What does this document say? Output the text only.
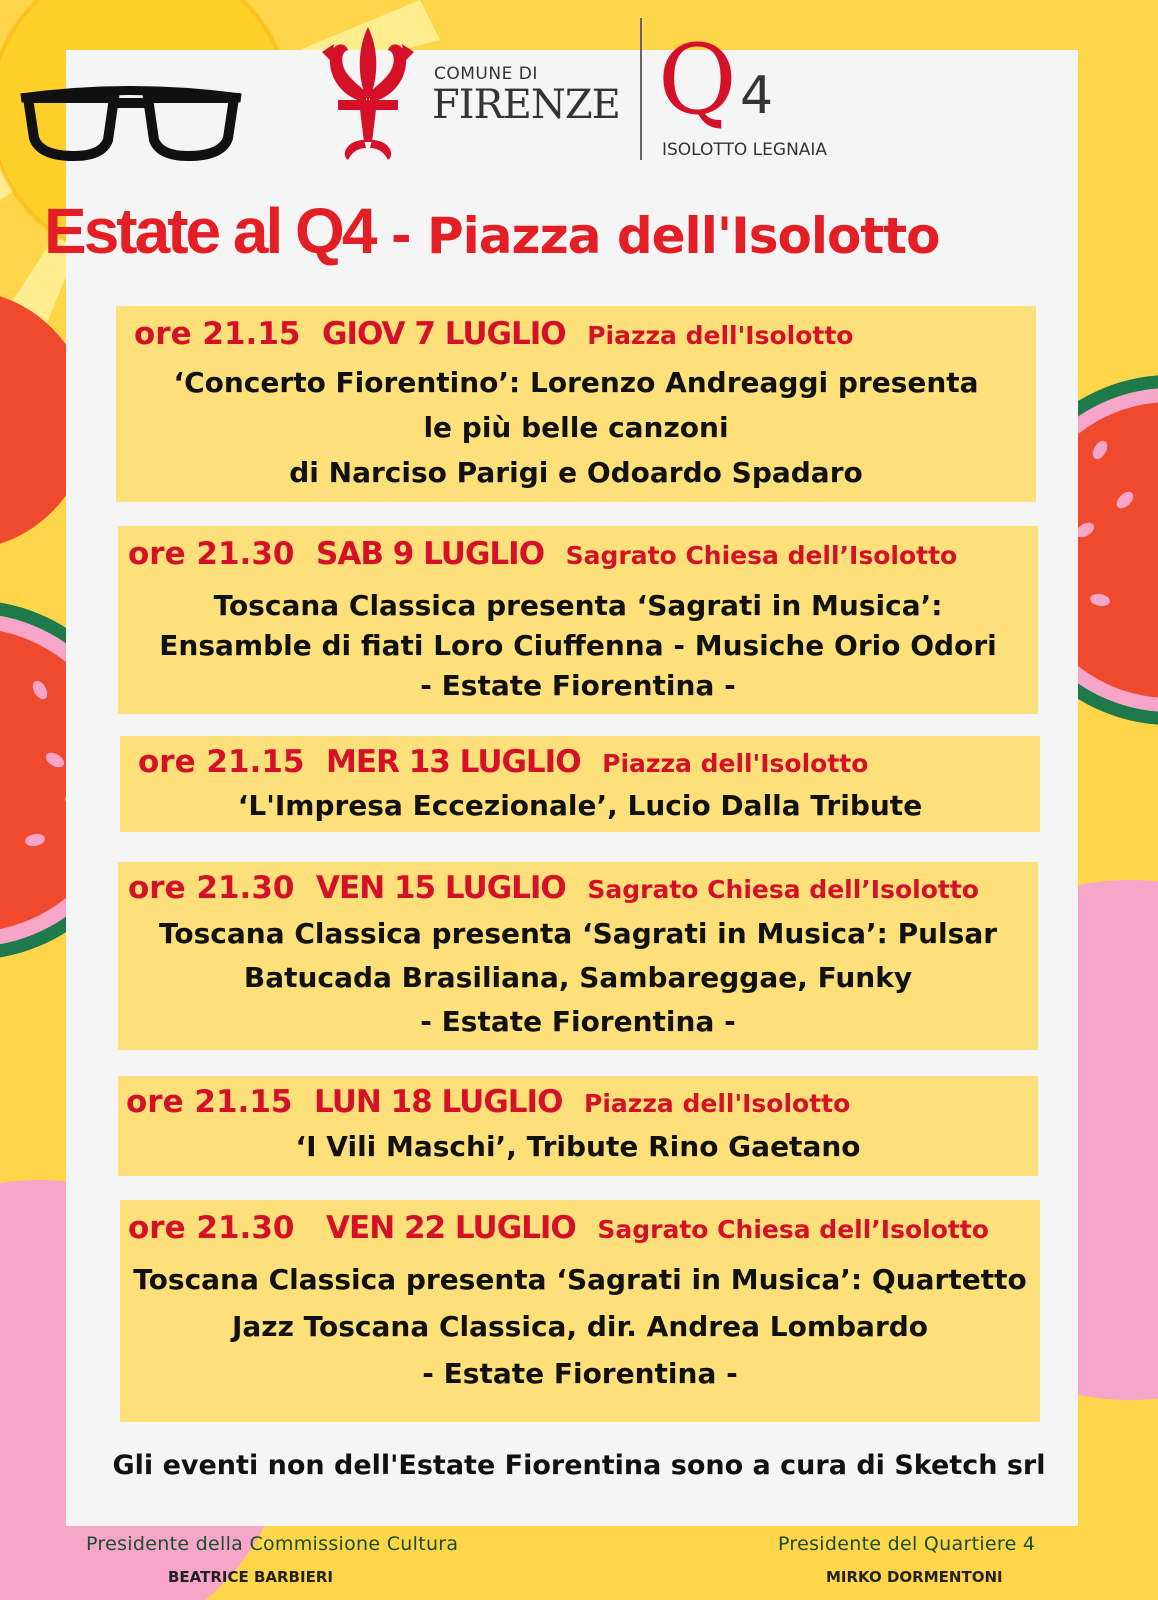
COMUNE DI
FIRENZE Q 4
ISOLOTTO LEGNAIA
Estate al Q4 - Piazza dell'Isolotto
ore 21.15 GIOV 7 LUGLIO Piazza dell'Isolotto
‘Concerto Fiorentino’: Lorenzo Andreaggi presenta
le più belle canzoni
di Narciso Parigi e Odoardo Spadaro
ore 21.30 SAB 9 LUGLIO Sagrato Chiesa dell’Isolotto
Toscana Classica presenta ‘Sagrati in Musica’:
Ensamble di fiati Loro Ciuffenna - Musiche Orio Odori
- Estate Fiorentina -
ore 21.15 MER 13 LUGLIO Piazza dell'Isolotto
‘L'Impresa Eccezionale’, Lucio Dalla Tribute
ore 21.30 VEN 15 LUGLIO Sagrato Chiesa dell’Isolotto
Toscana Classica presenta ‘Sagrati in Musica’: Pulsar
Batucada Brasiliana, Sambareggae, Funky
- Estate Fiorentina -
ore 21.15 LUN 18 LUGLIO Piazza dell'Isolotto
‘I Vili Maschi’, Tribute Rino Gaetano
ore 21.30 VEN 22 LUGLIO Sagrato Chiesa dell’Isolotto
Toscana Classica presenta ‘Sagrati in Musica’: Quartetto
Jazz Toscana Classica, dir. Andrea Lombardo
- Estate Fiorentina -
Gli eventi non dell'Estate Fiorentina sono a cura di Sketch srl
Presidente della Commissione Cultura
BEATRICE BARBIERI
Presidente del Quartiere 4
MIRKO DORMENTONI
